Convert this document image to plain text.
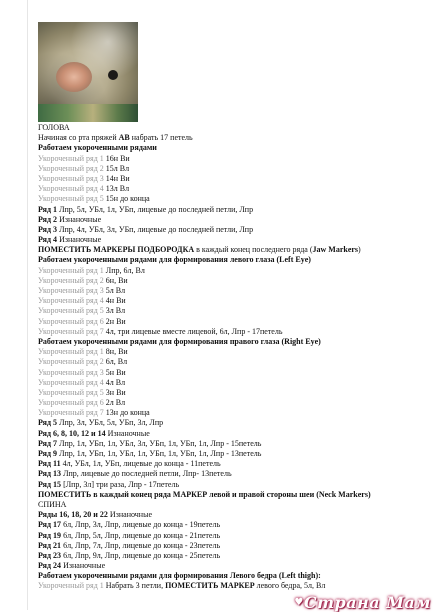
ГОЛОВА
Начиная со рта пряжей АВ набрать 17 петель
Работаем укороченными рядами
Укороченный ряд 1 16н Ви
Укороченный ряд 2 15л Вл
Укороченный ряд 3 14н Ви
Укороченный ряд 4 13л Вл
Укороченный ряд 5 15н до конца
Ряд 1 Лпр, 5л, УБл, 1л, УБп, лицевые до последней петли, Лпр
Ряд 2 Изнаночные
Ряд 3 Лпр, 4л, УБл, 3л, УБп, лицевые до последней петли, Лпр
Ряд 4 Изнаночные
ПОМЕСТИТЬ МАРКЕРЫ ПОДБОРОДКА в каждый конец последнего ряда (Jaw Markers)
Работаем укороченными рядами для формирования левого глаза (Left Eye)
Укороченный ряд 1 Лпр, 6л, Вл
Укороченный ряд 2 6н, Ви
Укороченный ряд 3 5л Вл
Укороченный ряд 4 4н Ви
Укороченный ряд 5 3л Вл
Укороченный ряд 6 2н Ви
Укороченный ряд 7 4л, три лицевые вместе лицевой, 6л, Лпр - 17петель
Работаем укороченными рядами для формирования правого глаза (Right Eye)
Укороченный ряд 1 8н, Ви
Укороченный ряд 2 6л, Вл
Укороченный ряд 3 5н Ви
Укороченный ряд 4 4л Вл
Укороченный ряд 5 3н Ви
Укороченный ряд 6 2л Вл
Укороченный ряд 7 13н до конца
Ряд 5 Лпр, 3л, УБл, 5л, УБп, 3л, Лпр
Ряд 6, 8, 10, 12 и 14 Изнаночные
Ряд 7 Лпр, 1л, УБп, 1л, УБл, 3л, УБп, 1л, УБп, 1л, Лпр - 15петель
Ряд 9 Лпр, 1л, УБп, 1л, УБл, 1л, УБп, 1л, УБп, 1л, Лпр - 13петель
Ряд 11 4л, УБл, 1л, УБп, лицевые до конца - 11петель
Ряд 13 Лпр, лицевые до последней петли, Лпр- 13петель
Ряд 15 [Лпр, 3л] три раза, Лпр - 17петель
ПОМЕСТИТЬ в каждый конец ряда МАРКЕР левой и правой стороны шеи (Neck Markers)
СПИНА
Ряды 16, 18, 20 и 22 Изнаночные
Ряд 17 6л, Лпр, 3л, Лпр, лицевые до конца - 19петель
Ряд 19 6л, Лпр, 5л, Лпр, лицевые до конца - 21петель
Ряд 21 6л, Лпр, 7л, Лпр, лицевые до конца - 23петель
Ряд 23 6л, Лпр, 9л, Лпр, лицевые до конца - 25петель
Ряд 24 Изнаночные
Работаем укороченными рядами для формирования Левого бедра (Left thigh):
Укороченный ряд 1 Набрать 3 петли, ПОМЕСТИТЬ МАРКЕР левого бедра, 5л, Вл
♥Страна Мам
